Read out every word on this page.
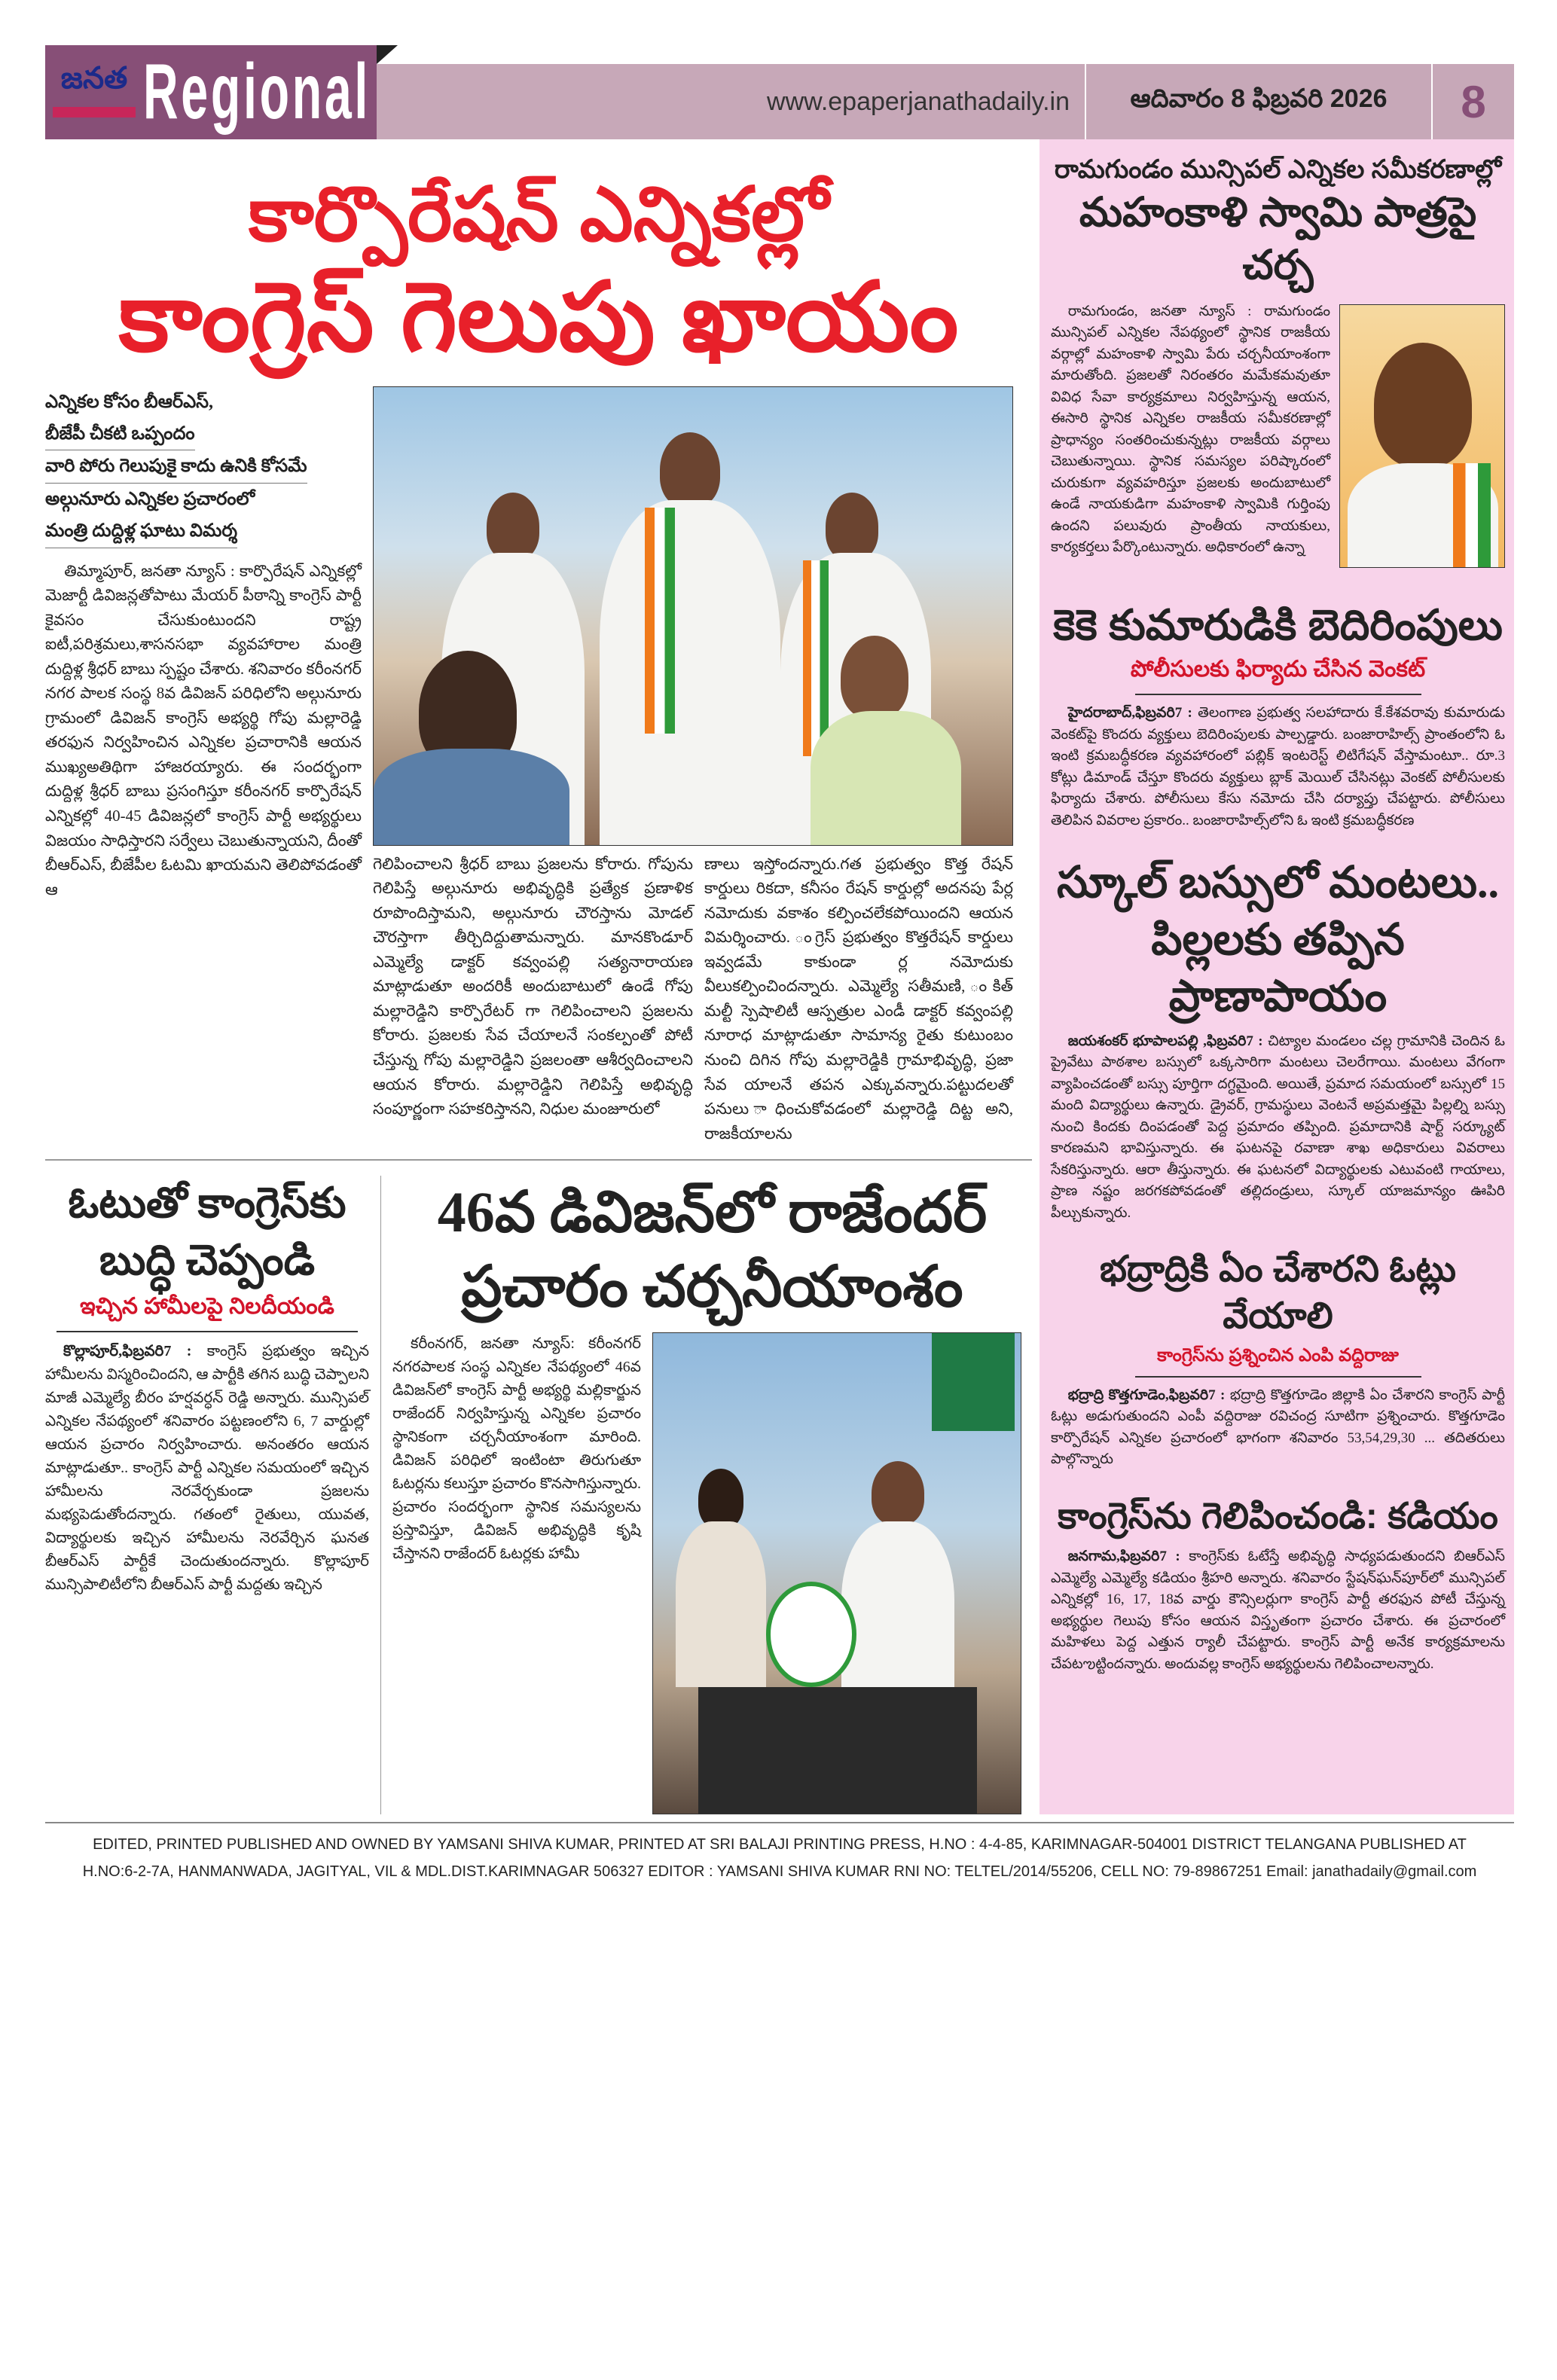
జనత Regional	www.epaperjanathadaily.in	ఆదివారం 8 ఫిబ్రవరి 2026	8
కార్పొరేషన్ ఎన్నికల్లో
కాంగ్రెస్ గెలుపు ఖాయం
ఎన్నికల కోసం బీఆర్ఎస్,
బీజేపీ చీకటి ఒప్పందం
వారి పోరు గెలుపుకై కాదు ఉనికి కోసమే
అల్గునూరు ఎన్నికల ప్రచారంలో
మంత్రి దుద్దిళ్ల ఘాటు విమర్శ

తిమ్మాపూర్, జనతా న్యూస్ : కార్పొరేషన్ ఎన్నికల్లో మెజార్టీ డివిజన్లతోపాటు మేయర్ పీఠాన్ని కాంగ్రెస్ పార్టీ కైవసం చేసుకుంటుందని రాష్ట్ర ఐటీ,పరిశ్రమలు,శాసనసభా వ్యవహారాల మంత్రి దుద్దిళ్ల శ్రీధర్ బాబు స్పష్టం చేశారు. శనివారం కరీంనగర్ నగర పాలక సంస్థ 8వ డివిజన్ పరిధిలోని అల్గునూరు గ్రామంలో డివిజన్ కాంగ్రెస్ అభ్యర్థి గోపు మల్లారెడ్డి తరఫున నిర్వహించిన ఎన్నికల ప్రచారానికి ఆయన ముఖ్యఅతిథిగా హాజరయ్యారు. ఈ సందర్భంగా దుద్దిళ్ల శ్రీధర్ బాబు ప్రసంగిస్తూ కరీంనగర్ కార్పొరేషన్ ఎన్నికల్లో 40-45 డివిజన్లలో కాంగ్రెస్ పార్టీ అభ్యర్థులు విజయం సాధిస్తారని సర్వేలు చెబుతున్నాయని, దీంతో బీఆర్ఎస్, బీజేపీల ఓటమి ఖాయమని తెలిపోవడంతో ఆ

గెలిపించాలని శ్రీధర్ బాబు ప్రజలను కోరారు. గోపును గెలిపిస్తే అల్గునూరు అభివృద్ధికి ప్రత్యేక ప్రణాళిక రూపొందిస్తామని, అల్గునూరు చౌరస్తాను మోడల్ చౌరస్తాగా తీర్చిదిద్దుతామన్నారు. మానకొండూర్ ఎమ్మెల్యే డాక్టర్ కవ్వంపల్లి సత్యనారాయణ మాట్లాడుతూ అందరికీ అందుబాటులో ఉండే గోపు మల్లారెడ్డిని కార్పొరేటర్ గా గెలిపించాలని ప్రజలను కోరారు. ప్రజలకు సేవ చేయాలనే సంకల్పంతో పోటీ చేస్తున్న గోపు మల్లారెడ్డిని ప్రజలంతా ఆశీర్వదించాలని ఆయన కోరారు. మల్లారెడ్డిని గెలిపిస్తే అభివృద్ధి సంపూర్ణంగా సహకరిస్తానని, నిధుల మంజూరులో

ణాలు ఇస్తోందన్నారు.గత ప్రభుత్వం కొత్త రేషన్ కార్డులు రికదా, కనీసం రేషన్ కార్డుల్లో అదనపు పేర్ల నమోదుకు వకాశం కల్పించలేకపోయిందని ఆయన విమర్శించారు. ంగ్రెస్ ప్రభుత్వం కొత్తరేషన్ కార్డులు ఇవ్వడమే కాకుండా ర్ల నమోదుకు వీలుకల్పించిందన్నారు. ఎమ్మెల్యే సతీమణి, ంకిత్ మల్టీ స్పెషాలిటీ ఆస్పత్రుల ఎండీ డాక్టర్ కవ్వంపల్లి నూరాధ మాట్లాడుతూ సామాన్య రైతు కుటుంబం నుంచి దిగిన గోపు మల్లారెడ్డికి గ్రామాభివృద్ధి, ప్రజా సేవ యాలనే తపన ఎక్కువన్నారు.పట్టుదలతో పనులు ాధించుకోవడంలో మల్లారెడ్డి దిట్ట అని, రాజకీయాలను

ఓటుతో కాంగ్రెస్‌కు
బుద్ధి చెప్పండి
ఇచ్చిన హామీలపై నిలదీయండి

కొల్లాపూర్,ఫిబ్రవరి7 : కాంగ్రెస్ ప్రభుత్వం ఇచ్చిన హామీలను విస్మరించిందని, ఆ పార్టీకి తగిన బుద్ధి చెప్పాలని మాజీ ఎమ్మెల్యే బీరం హర్షవర్ధన్ రెడ్డి అన్నారు. మున్సిపల్ ఎన్నికల నేపథ్యంలో శనివారం పట్టణంలోని 6, 7 వార్డుల్లో ఆయన ప్రచారం నిర్వహించారు. అనంతరం ఆయన మాట్లాడుతూ.. కాంగ్రెస్ పార్టీ ఎన్నికల సమయంలో ఇచ్చిన హామీలను నెరవేర్చకుండా ప్రజలను మభ్యపెడుతోందన్నారు. గతంలో రైతులు, యువత, విద్యార్థులకు ఇచ్చిన హామీలను నెరవేర్చిన ఘనత బీఆర్ఎస్ పార్టీకే చెందుతుందన్నారు. కొల్లాపూర్ మున్సిపాలిటీలోని బీఆర్ఎస్ పార్టీ మద్దతు ఇచ్చిన

46వ డివిజన్‌లో రాజేందర్
ప్రచారం చర్చనీయాంశం

కరీంనగర్, జనతా న్యూస్: కరీంనగర్ నగరపాలక సంస్థ ఎన్నికల నేపథ్యంలో 46వ డివిజన్‌లో కాంగ్రెస్ పార్టీ అభ్యర్థి మల్లికార్జున రాజేందర్ నిర్వహిస్తున్న ఎన్నికల ప్రచారం స్థానికంగా చర్చనీయాంశంగా మారింది. డివిజన్ పరిధిలో ఇంటింటా తిరుగుతూ ఓటర్లను కలుస్తూ ప్రచారం కొనసాగిస్తున్నారు. ప్రచారం సందర్భంగా స్థానిక సమస్యలను ప్రస్తావిస్తూ, డివిజన్ అభివృద్ధికి కృషి చేస్తానని రాజేందర్ ఓటర్లకు హామీ

రామగుండం మున్సిపల్ ఎన్నికల సమీకరణాల్లో
మహంకాళి స్వామి పాత్రపై చర్చ

రామగుండం, జనతా న్యూస్ : రామగుండం మున్సిపల్ ఎన్నికల నేపథ్యంలో స్థానిక రాజకీయ వర్గాల్లో మహంకాళి స్వామి పేరు చర్చనీయాంశంగా మారుతోంది. ప్రజలతో నిరంతరం మమేకమవుతూ వివిధ సేవా కార్యక్రమాలు నిర్వహిస్తున్న ఆయన, ఈసారి స్థానిక ఎన్నికల రాజకీయ సమీకరణాల్లో ప్రాధాన్యం సంతరించుకున్నట్లు రాజకీయ వర్గాలు చెబుతున్నాయి. స్థానిక సమస్యల పరిష్కారంలో చురుకుగా వ్యవహరిస్తూ ప్రజలకు అందుబాటులో ఉండే నాయకుడిగా మహంకాళి స్వామికి గుర్తింపు ఉందని పలువురు ప్రాంతీయ నాయకులు, కార్యకర్తలు పేర్కొంటున్నారు. అధికారంలో ఉన్నా

కెకె కుమారుడికి బెదిరింపులు
పోలీసులకు ఫిర్యాదు చేసిన వెంకట్

హైదరాబాద్,ఫిబ్రవరి7 : తెలంగాణ ప్రభుత్వ సలహాదారు కే.కేశవరావు కుమారుడు వెంకట్‌పై కొందరు వ్యక్తులు బెదిరింపులకు పాల్పడ్డారు. బంజారాహిల్స్ ప్రాంతంలోని ఓ ఇంటి క్రమబద్ధీకరణ వ్యవహారంలో పబ్లిక్ ఇంటరెస్ట్ లిటిగేషన్ వేస్తామంటూ.. రూ.3 కోట్లు డిమాండ్ చేస్తూ కొందరు వ్యక్తులు బ్లాక్ మెయిల్ చేసినట్లు వెంకట్ పోలీసులకు ఫిర్యాదు చేశారు. పోలీసులు కేసు నమోదు చేసి దర్యాప్తు చేపట్టారు. పోలీసులు తెలిపిన వివరాల ప్రకారం.. బంజారాహిల్స్‌లోని ఓ ఇంటి క్రమబద్ధీకరణ

స్కూల్ బస్సులో మంటలు..
పిల్లలకు తప్పిన ప్రాణాపాయం

జయశంకర్ భూపాలపల్లి ,ఫిబ్రవరి7 : చిట్యాల మండలం చల్ల గ్రామానికి చెందిన ఓ ప్రైవేటు పాఠశాల బస్సులో ఒక్కసారిగా మంటలు చెలరేగాయి. మంటలు వేగంగా వ్యాపించడంతో బస్సు పూర్తిగా దగ్ధమైంది. అయితే, ప్రమాద సమయంలో బస్సులో 15 మంది విద్యార్థులు ఉన్నారు. డ్రైవర్, గ్రామస్థులు వెంటనే అప్రమత్తమై పిల్లల్ని బస్సు నుంచి కిందకు దింపడంతో పెద్ద ప్రమాదం తప్పింది. ప్రమాదానికి షార్ట్ సర్క్యూట్ కారణమని భావిస్తున్నారు. ఈ ఘటనపై రవాణా శాఖ అధికారులు వివరాలు సేకరిస్తున్నారు. ఆరా తీస్తున్నారు. ఈ ఘటనలో విద్యార్థులకు ఎటువంటి గాయాలు, ప్రాణ నష్టం జరగకపోవడంతో తల్లిదండ్రులు, స్కూల్ యాజమాన్యం ఊపిరి పీల్చుకున్నారు.

భద్రాద్రికి ఏం చేశారని ఓట్లు వేయాలి
కాంగ్రెస్‌ను ప్రశ్నించిన ఎంపి వద్దిరాజు

భద్రాద్రి కొత్తగూడెం,ఫిబ్రవరి7 : భద్రాద్రి కొత్తగూడెం జిల్లాకి ఏం చేశారని కాంగ్రెస్ పార్టీ ఓట్లు అడుగుతుందని ఎంపీ వద్దిరాజు రవిచంద్ర సూటిగా ప్రశ్నించారు. కొత్తగూడెం కార్పొరేషన్ ఎన్నికల ప్రచారంలో భాగంగా శనివారం 53,54,29,30 ... తదితరులు పాల్గొన్నారు

కాంగ్రెస్‌ను గెలిపించండి: కడియం

జనగామ,ఫిబ్రవరి7 : కాంగ్రెస్‌కు ఓటేస్తే అభివృద్ధి సాధ్యపడుతుందని బిఆర్ఎస్ ఎమ్మెల్యే ఎమ్మెల్యే కడియం శ్రీహరి అన్నారు. శనివారం స్టేషన్‌ఘన్‌పూర్‌లో మున్సిపల్ ఎన్నికల్లో 16, 17, 18వ వార్డు కౌన్సిలర్లుగా కాంగ్రెస్ పార్టీ తరఫున పోటీ చేస్తున్న అభ్యర్థుల గెలుపు కోసం ఆయన విస్తృతంగా ప్రచారం చేశారు. ఈ ప్రచారంలో మహిళలు పెద్ద ఎత్తున ర్యాలీ చేపట్టారు. కాంగ్రెస్ పార్టీ అనేక కార్యక్రమాలను చేపటఌట్టిందన్నారు. అందువల్ల కాంగ్రెస్ అభ్యర్థులను గెలిపించాలన్నారు.

EDITED, PRINTED PUBLISHED AND OWNED BY YAMSANI SHIVA KUMAR, PRINTED AT SRI BALAJI PRINTING PRESS, H.NO : 4-4-85, KARIMNAGAR-504001 DISTRICT TELANGANA PUBLISHED AT
H.NO:6-2-7A, HANMANWADA, JAGITYAL, VIL & MDL.DIST.KARIMNAGAR 506327 EDITOR : YAMSANI SHIVA KUMAR RNI NO: TELTEL/2014/55206, CELL NO: 79-89867251 Email: janathadaily@gmail.com
